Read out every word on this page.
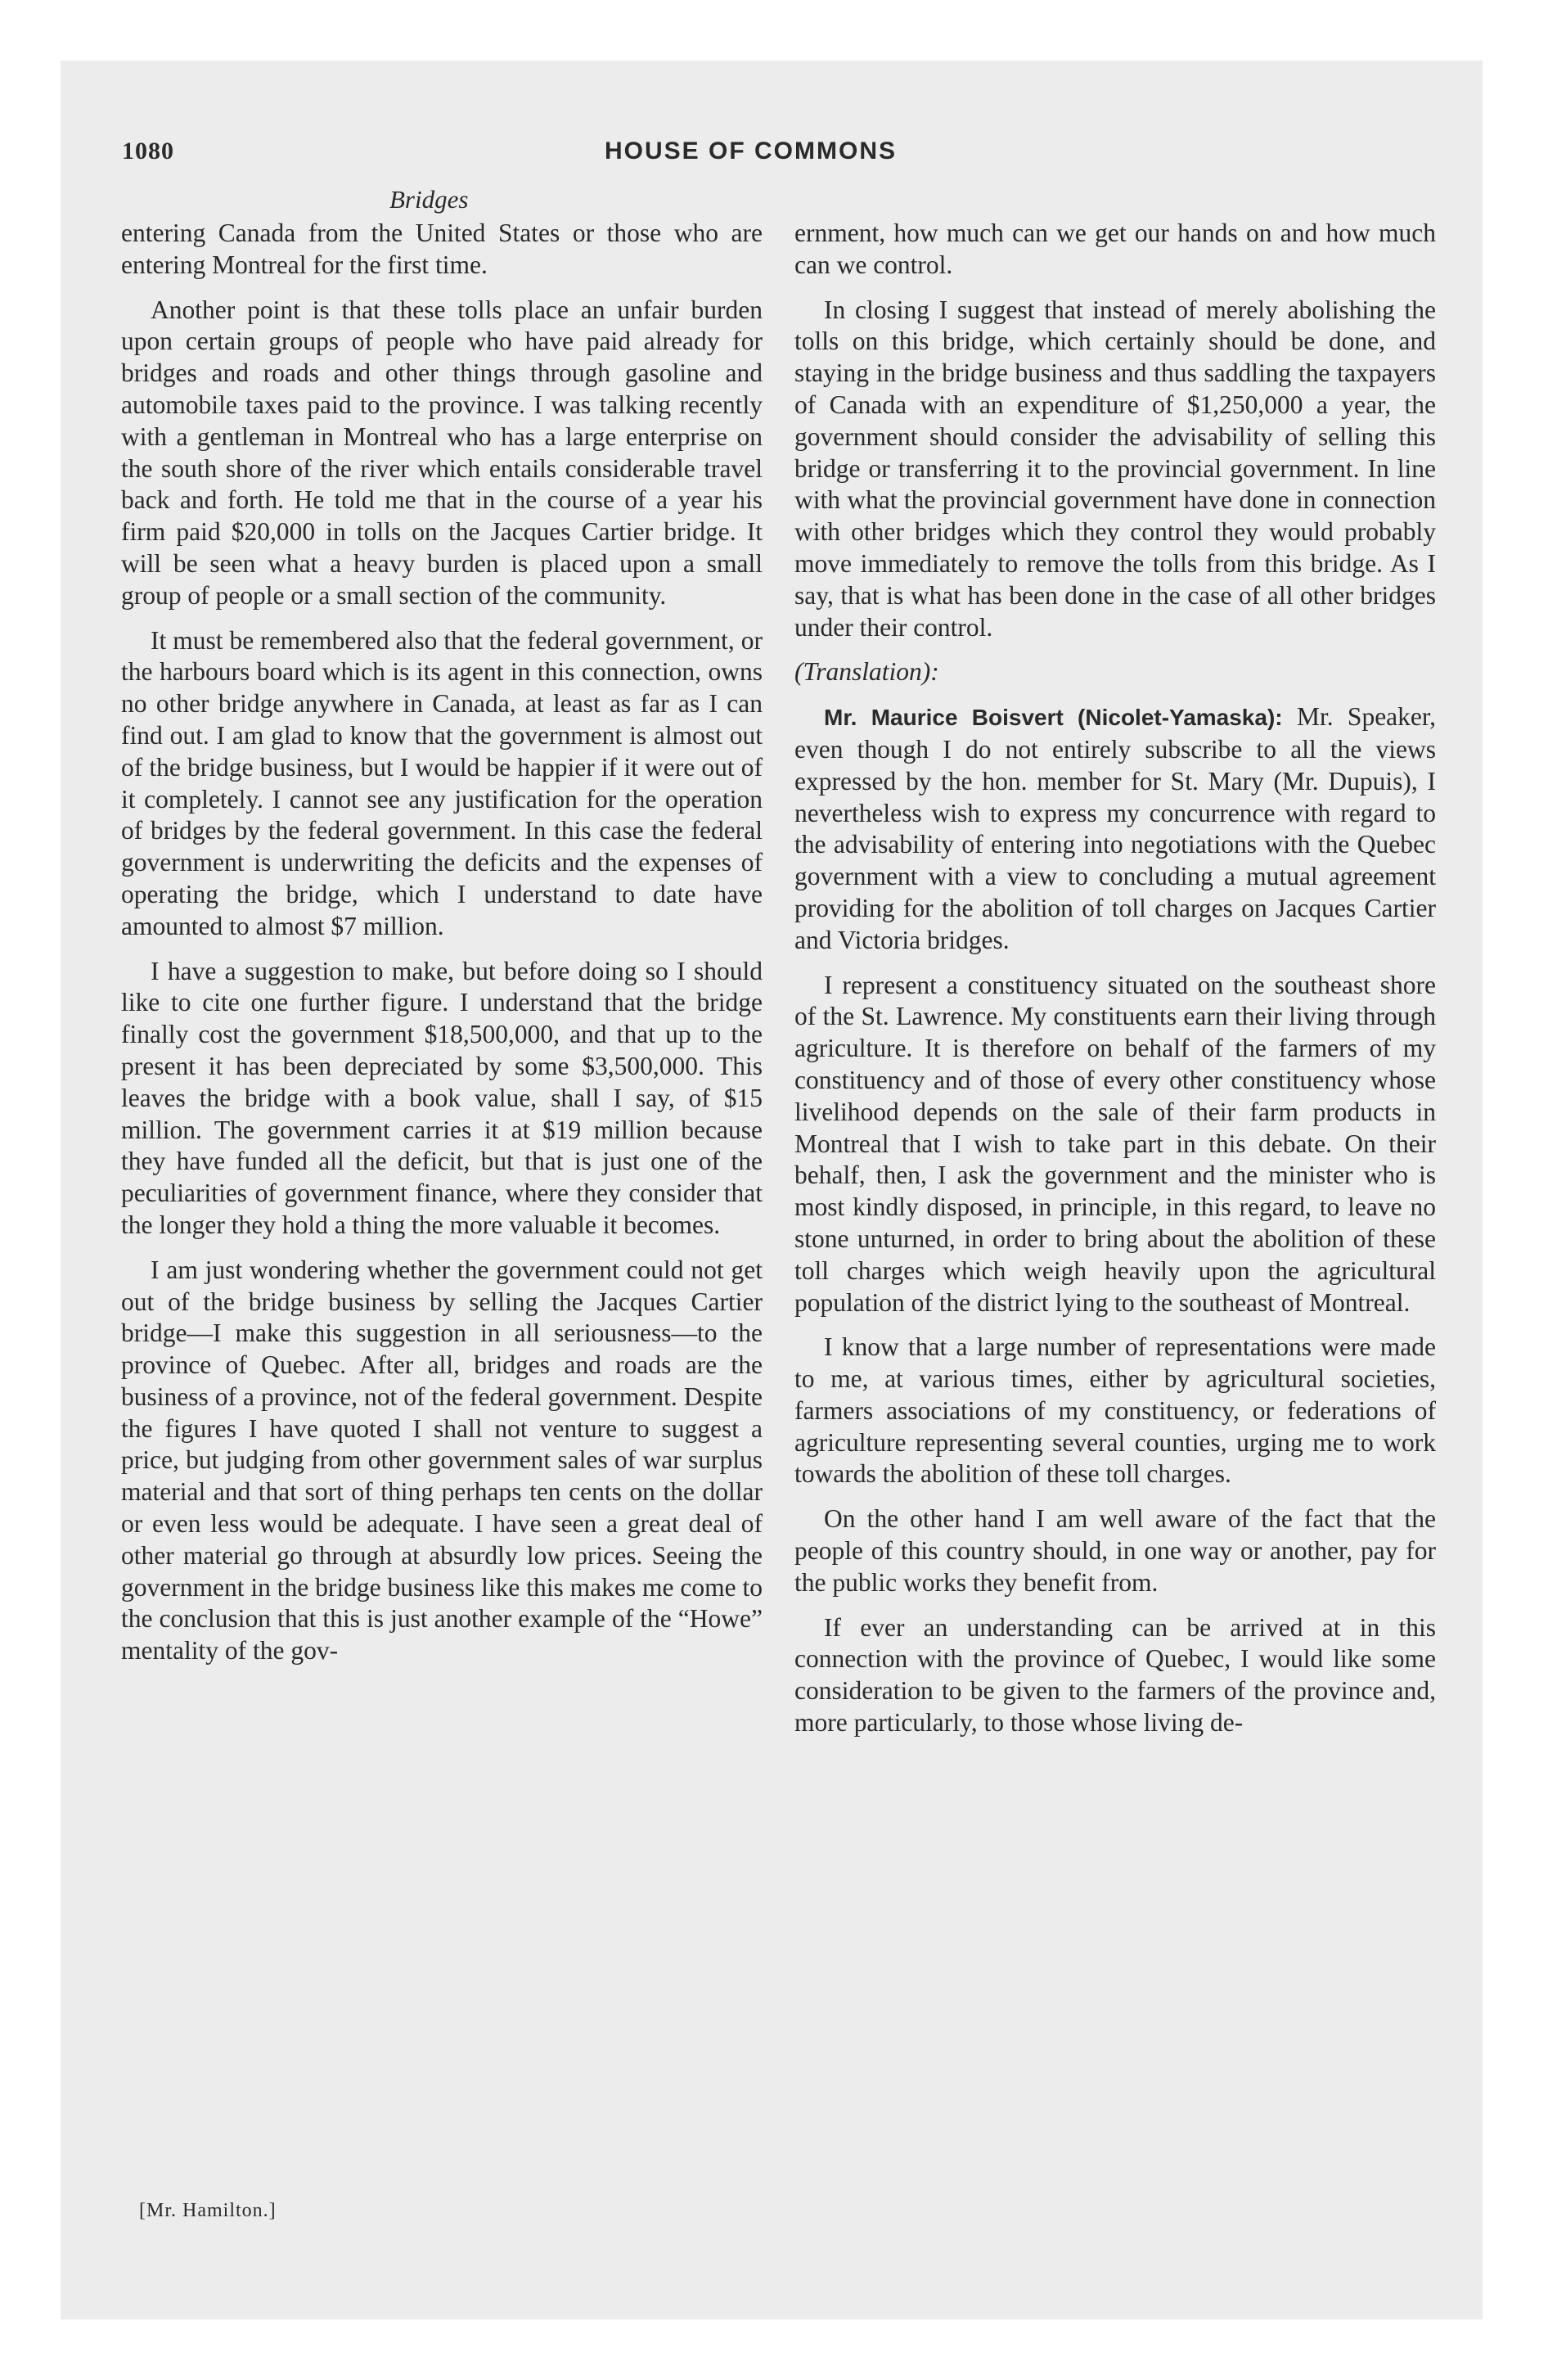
1080	HOUSE OF COMMONS
Bridges

entering Canada from the United States or those who are entering Montreal for the first time.

Another point is that these tolls place an unfair burden upon certain groups of people who have paid already for bridges and roads and other things through gasoline and automobile taxes paid to the province. I was talking recently with a gentleman in Montreal who has a large enterprise on the south shore of the river which entails considerable travel back and forth. He told me that in the course of a year his firm paid $20,000 in tolls on the Jacques Cartier bridge. It will be seen what a heavy burden is placed upon a small group of people or a small section of the community.

It must be remembered also that the federal government, or the harbours board which is its agent in this connection, owns no other bridge anywhere in Canada, at least as far as I can find out. I am glad to know that the government is almost out of the bridge business, but I would be happier if it were out of it completely. I cannot see any justification for the operation of bridges by the federal government. In this case the federal government is underwriting the deficits and the expenses of operating the bridge, which I understand to date have amounted to almost $7 million.

I have a suggestion to make, but before doing so I should like to cite one further figure. I understand that the bridge finally cost the government $18,500,000, and that up to the present it has been depreciated by some $3,500,000. This leaves the bridge with a book value, shall I say, of $15 million. The government carries it at $19 million because they have funded all the deficit, but that is just one of the peculiarities of government finance, where they consider that the longer they hold a thing the more valuable it becomes.

I am just wondering whether the government could not get out of the bridge business by selling the Jacques Cartier bridge—I make this suggestion in all seriousness—to the province of Quebec. After all, bridges and roads are the business of a province, not of the federal government. Despite the figures I have quoted I shall not venture to suggest a price, but judging from other government sales of war surplus material and that sort of thing perhaps ten cents on the dollar or even less would be adequate. I have seen a great deal of other material go through at absurdly low prices. Seeing the government in the bridge business like this makes me come to the conclusion that this is just another example of the “Howe” mentality of the gov-

[Mr. Hamilton.]

ernment, how much can we get our hands on and how much can we control.

In closing I suggest that instead of merely abolishing the tolls on this bridge, which certainly should be done, and staying in the bridge business and thus saddling the taxpayers of Canada with an expenditure of $1,250,000 a year, the government should consider the advisability of selling this bridge or transferring it to the provincial government. In line with what the provincial government have done in connection with other bridges which they control they would probably move immediately to remove the tolls from this bridge. As I say, that is what has been done in the case of all other bridges under their control.

(Translation):

Mr. Maurice Boisvert (Nicolet-Yamaska): Mr. Speaker, even though I do not entirely subscribe to all the views expressed by the hon. member for St. Mary (Mr. Dupuis), I nevertheless wish to express my concurrence with regard to the advisability of entering into negotiations with the Quebec government with a view to concluding a mutual agreement providing for the abolition of toll charges on Jacques Cartier and Victoria bridges.

I represent a constituency situated on the southeast shore of the St. Lawrence. My constituents earn their living through agriculture. It is therefore on behalf of the farmers of my constituency and of those of every other constituency whose livelihood depends on the sale of their farm products in Montreal that I wish to take part in this debate. On their behalf, then, I ask the government and the minister who is most kindly disposed, in principle, in this regard, to leave no stone unturned, in order to bring about the abolition of these toll charges which weigh heavily upon the agricultural population of the district lying to the southeast of Montreal.

I know that a large number of representations were made to me, at various times, either by agricultural societies, farmers associations of my constituency, or federations of agriculture representing several counties, urging me to work towards the abolition of these toll charges.

On the other hand I am well aware of the fact that the people of this country should, in one way or another, pay for the public works they benefit from.

If ever an understanding can be arrived at in this connection with the province of Quebec, I would like some consideration to be given to the farmers of the province and, more particularly, to those whose living de-
